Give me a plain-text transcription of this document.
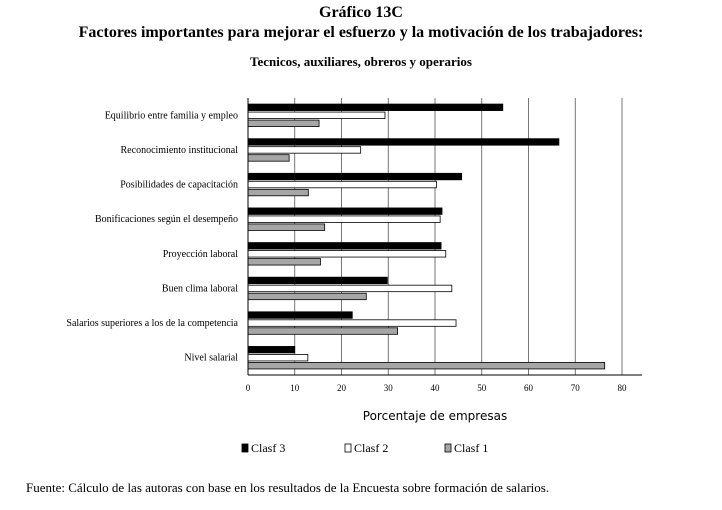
Gráfico 13C
Factores importantes para mejorar el esfuerzo y la motivación de los trabajadores:
Tecnicos, auxiliares, obreros y operarios
Equilibrio entre familia y empleo
Reconocimiento institucional
Posibilidades de capacitación
Bonificaciones según el desempeño
Proyección laboral
Buen clima laboral
Salarios superiores a los de la competencia
Nivel salarial
0	10	20	30	40	50	60	70	80
Porcentaje de empresas
Clasf 3	Clasf 2	Clasf 1
Fuente: Cálculo de las autoras con base en los resultados de la Encuesta sobre formación de salarios.
